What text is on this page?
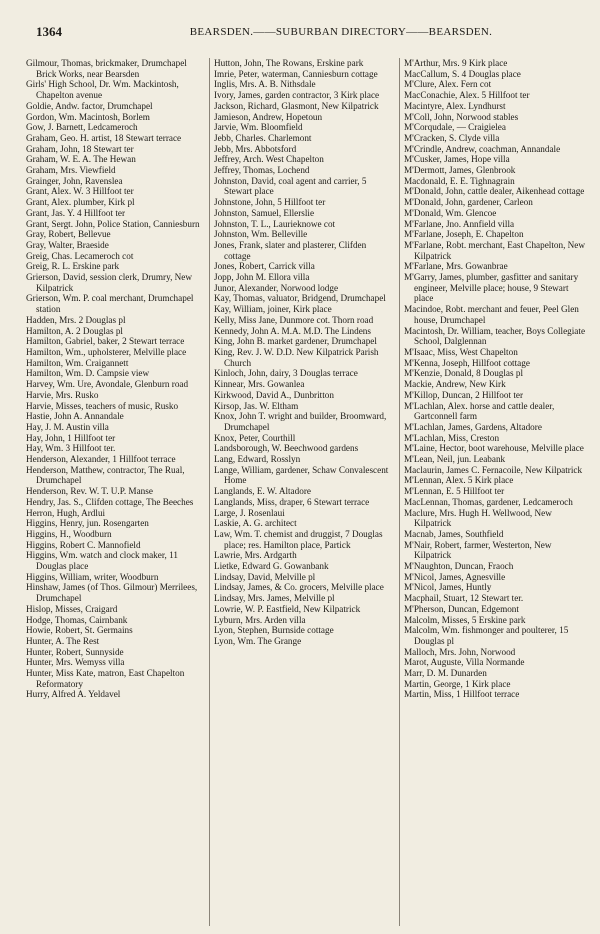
1364	BEARSDEN.——SUBURBAN DIRECTORY——BEARSDEN.
Gilmour, Thomas, brickmaker, Drumchapel Brick Works, near Bearsden
Girls' High School, Dr. Wm. Mackintosh, Chapelton avenue
Goldie, Andw. factor, Drumchapel
Gordon, Wm. Macintosh, Borlem
Gow, J. Barnett, Ledcameroch
Graham, Geo. H. artist, 18 Stewart terrace
Graham, John, 18 Stewart ter
Graham, W. E. A. The Hewan
Graham, Mrs. Viewfield
Grainger, John, Ravenslea
Grant, Alex. W. 3 Hillfoot ter
Grant, Alex. plumber, Kirk pl
Grant, Jas. Y. 4 Hillfoot ter
Grant, Sergt. John, Police Station, Canniesburn
Gray, Robert, Bellevue
Gray, Walter, Braeside
Greig, Chas. Lecameroch cot
Greig, R. L. Erskine park
Grierson, David, session clerk, Drumry, New Kilpatrick
Grierson, Wm. P. coal merchant, Drumchapel station
Hadden, Mrs. 2 Douglas pl
Hamilton, A. 2 Douglas pl
Hamilton, Gabriel, baker, 2 Stewart terrace
Hamilton, Wm., upholsterer, Melville place
Hamilton, Wm. Craigannett
Hamilton, Wm. D. Campsie view
Harvey, Wm. Ure, Avondale, Glenburn road
Harvie, Mrs. Rusko
Harvie, Misses, teachers of music, Rusko
Hastie, John A. Annandale
Hay, J. M. Austin villa
Hay, John, 1 Hillfoot ter
Hay, Wm. 3 Hillfoot ter.
Henderson, Alexander, 1 Hillfoot terrace
Henderson, Matthew, contractor, The Rual, Drumchapel
Henderson, Rev. W. T. U.P. Manse
Hendry, Jas. S., Clifden cottage, The Beeches
Herron, Hugh, Ardlui
Higgins, Henry, jun. Rosengarten
Higgins, H., Woodburn
Higgins, Robert C. Mannofield
Higgins, Wm. watch and clock maker, 11 Douglas place
Higgins, William, writer, Woodburn
Hinshaw, James (of Thos. Gilmour) Merrilees, Drumchapel
Hislop, Misses, Craigard
Hodge, Thomas, Cairnbank
Howie, Robert, St. Germains
Hunter, A. The Rest
Hunter, Robert, Sunnyside
Hunter, Mrs. Wemyss villa
Hunter, Miss Kate, matron, East Chapelton Reformatory
Hurry, Alfred A. Yeldavel
Hutton, John, The Rowans, Erskine park
Imrie, Peter, waterman, Canniesburn cottage
Inglis, Mrs. A. B. Nithsdale
Ivory, James, garden contractor, 3 Kirk place
Jackson, Richard, Glasmont, New Kilpatrick
Jamieson, Andrew, Hopetoun
Jarvie, Wm. Bloomfield
Jebb, Charles. Charlemont
Jebb, Mrs. Abbotsford
Jeffrey, Arch. West Chapelton
Jeffrey, Thomas, Lochend
Johnston, David, coal agent and carrier, 5 Stewart place
Johnstone, John, 5 Hillfoot ter
Johnston, Samuel, Ellerslie
Johnston, T. L., Laurieknowe cot
Johnston, Wm. Belleville
Jones, Frank, slater and plasterer, Clifden cottage
Jones, Robert, Carrick villa
Jopp, John M. Ellora villa
Junor, Alexander, Norwood lodge
Kay, Thomas, valuator, Bridgend, Drumchapel
Kay, William, joiner, Kirk place
Kelly, Miss Jane, Dunmore cot. Thorn road
Kennedy, John A. M.A. M.D. The Lindens
King, John B. market gardener, Drumchapel
King, Rev. J. W. D.D. New Kilpatrick Parish Church
Kinloch, John, dairy, 3 Douglas terrace
Kinnear, Mrs. Gowanlea
Kirkwood, David A., Dunbritton
Kirsop, Jas. W. Eltham
Knox, John T. wright and builder, Broomward, Drumchapel
Knox, Peter, Courthill
Landsborough, W. Beechwood gardens
Lang, Edward, Rosslyn
Lange, William, gardener, Schaw Convalescent Home
Langlands, E. W. Altadore
Langlands, Miss, draper, 6 Stewart terrace
Large, J. Rosenlaui
Laskie, A. G. architect
Law, Wm. T. chemist and druggist, 7 Douglas place; res. Hamilton place, Partick
Lawrie, Mrs. Ardgarth
Lietke, Edward G. Gowanbank
Lindsay, David, Melville pl
Lindsay, James, & Co. grocers, Melville place
Lindsay, Mrs. James, Melville pl
Lowrie, W. P. Eastfield, New Kilpatrick
Lyburn, Mrs. Arden villa
Lyon, Stephen, Burnside cottage
Lyon, Wm. The Grange
M'Arthur, Mrs. 9 Kirk place
MacCallum, S. 4 Douglas place
M'Clure, Alex. Fern cot
MacConachie, Alex. 5 Hillfoot ter
Macintyre, Alex. Lyndhurst
M'Coll, John, Norwood stables
M'Corqudale, — Craigielea
M'Cracken, S. Clyde villa
M'Crindle, Andrew, coachman, Annandale
M'Cusker, James, Hope villa
M'Dermott, James, Glenbrook
Macdonald, E. E. Tighnagrain
M'Donald, John, cattle dealer, Aikenhead cottage
M'Donald, John, gardener, Carleon
M'Donald, Wm. Glencoe
M'Farlane, Jno. Annfield villa
M'Farlane, Joseph, E. Chapelton
M'Farlane, Robt. merchant, East Chapelton, New Kilpatrick
M'Farlane, Mrs. Gowanbrae
M'Garry, James, plumber, gasfitter and sanitary engineer, Melville place; house, 9 Stewart place
Macindoe, Robt. merchant and feuer, Peel Glen house, Drumchapel
Macintosh, Dr. William, teacher, Boys Collegiate School, Dalglennan
M'Isaac, Miss, West Chapelton
M'Kenna, Joseph, Hillfoot cottage
M'Kenzie, Donald, 8 Douglas pl
Mackie, Andrew, New Kirk
M'Killop, Duncan, 2 Hillfoot ter
M'Lachlan, Alex. horse and cattle dealer, Gartconnell farm
M'Lachlan, James, Gardens, Altadore
M'Lachlan, Miss, Creston
M'Laine, Hector, boot warehouse, Melville place
M'Lean, Neil, jun. Leabank
Maclaurin, James C. Fernacoile, New Kilpatrick
M'Lennan, Alex. 5 Kirk place
M'Lennan, E. 5 Hillfoot ter
MacLennan, Thomas, gardener, Ledcameroch
Maclure, Mrs. Hugh H. Wellwood, New Kilpatrick
Macnab, James, Southfield
M'Nair, Robert, farmer, Westerton, New Kilpatrick
M'Naughton, Duncan, Fraoch
M'Nicol, James, Agnesville
M'Nicol, James, Huntly
Macphail, Stuart, 12 Stewart ter.
M'Pherson, Duncan, Edgemont
Malcolm, Misses, 5 Erskine park
Malcolm, Wm. fishmonger and poulterer, 15 Douglas pl
Malloch, Mrs. John, Norwood
Marot, Auguste, Villa Normande
Marr, D. M. Dunarden
Martin, George, 1 Kirk place
Martin, Miss, 1 Hillfoot terrace
